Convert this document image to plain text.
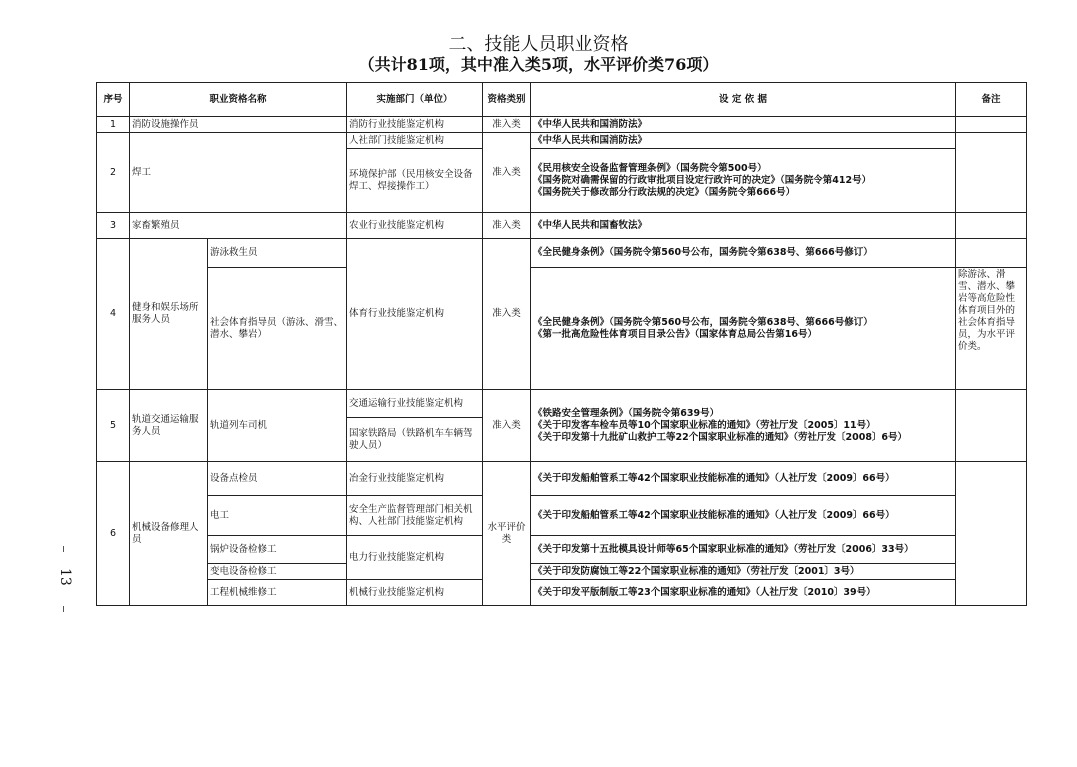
二、技能人员职业资格
（共计81项，其中准入类5项，水平评价类76项）
序号	职业资格名称		实施部门（单位）	资格类别	设 定 依 据	备注
1	消防设施操作员		消防行业技能鉴定机构	准入类	《中华人民共和国消防法》	

2	焊工		人社部门技能鉴定机构	准入类	《中华人民共和国消防法》	

			环境保护部（民用核安全设备焊工、焊接操作工）		《民用核安全设备监督管理条例》（国务院令第500号）
《国务院对确需保留的行政审批项目设定行政许可的决定》（国务院令第412号）
《国务院关于修改部分行政法规的决定》（国务院令第666号）	

3	家畜繁殖员		农业行业技能鉴定机构	准入类	《中华人民共和国畜牧法》	

4	健身和娱乐场所服务人员	游泳救生员	体育行业技能鉴定机构	准入类	《全民健身条例》（国务院令第560号公布，国务院令第638号、第666号修订）	

		社会体育指导员（游泳、滑雪、潜水、攀岩）			《全民健身条例》（国务院令第560号公布，国务院令第638号、第666号修订）
《第一批高危险性体育项目目录公告》（国家体育总局公告第16号）	除游泳、滑雪、潜水、攀岩等高危险性体育项目外的社会体育指导员，为水平评价类。
5	轨道交通运输服务人员	轨道列车司机	交通运输行业技能鉴定机构	准入类	《铁路安全管理条例》（国务院令第639号）
《关于印发客车检车员等10个国家职业标准的通知》（劳社厅发〔2005〕11号）
《关于印发第十九批矿山救护工等22个国家职业标准的通知》（劳社厅发〔2008〕6号）	

			国家铁路局（铁路机车车辆驾驶人员）			
6	机械设备修理人员	设备点检员	冶金行业技能鉴定机构	水平评价类	《关于印发船舶管系工等42个国家职业技能标准的通知》（人社厅发〔2009〕66号）	

		电工	安全生产监督管理部门相关机构、人社部门技能鉴定机构		《关于印发船舶管系工等42个国家职业技能标准的通知》（人社厅发〔2009〕66号）	

		锅炉设备检修工	电力行业技能鉴定机构		《关于印发第十五批模具设计师等65个国家职业标准的通知》（劳社厅发〔2006〕33号）	

		变电设备检修工			《关于印发防腐蚀工等22个国家职业标准的通知》（劳社厅发〔2001〕3号）	

		工程机械维修工	机械行业技能鉴定机构		《关于印发平版制版工等23个国家职业标准的通知》（人社厅发〔2010〕39号）	
13
